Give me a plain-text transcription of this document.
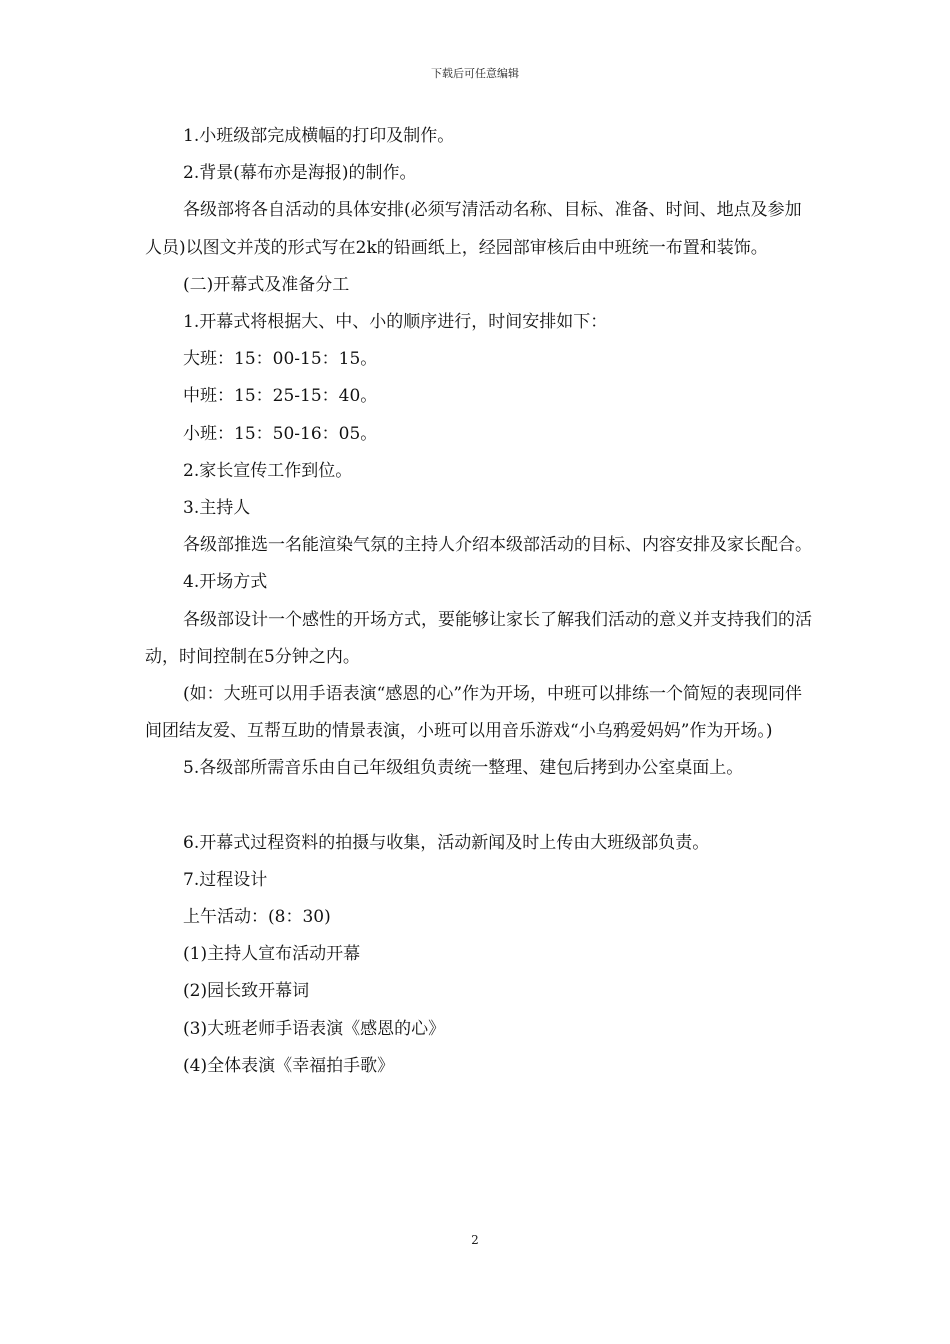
下载后可任意编辑

1.小班级部完成横幅的打印及制作。

2.背景(幕布亦是海报)的制作。

各级部将各自活动的具体安排(必须写清活动名称、目标、准备、时间、地点及参加人员)以图文并茂的形式写在2k的铅画纸上，经园部审核后由中班统一布置和装饰。

(二)开幕式及准备分工

1.开幕式将根据大、中、小的顺序进行，时间安排如下：

大班：15：00-15：15。

中班：15：25-15：40。

小班：15：50-16：05。

2.家长宣传工作到位。

3.主持人

各级部推选一名能渲染气氛的主持人介绍本级部活动的目标、内容安排及家长配合。

4.开场方式

各级部设计一个感性的开场方式，要能够让家长了解我们活动的意义并支持我们的活动，时间控制在5分钟之内。

(如：大班可以用手语表演“感恩的心”作为开场，中班可以排练一个简短的表现同伴间团结友爱、互帮互助的情景表演，小班可以用音乐游戏“小乌鸦爱妈妈”作为开场。)

5.各级部所需音乐由自己年级组负责统一整理、建包后拷到办公室桌面上。

6.开幕式过程资料的拍摄与收集，活动新闻及时上传由大班级部负责。

7.过程设计

上午活动：(8：30)

(1)主持人宣布活动开幕

(2)园长致开幕词

(3)大班老师手语表演《感恩的心》

(4)全体表演《幸福拍手歌》

2
